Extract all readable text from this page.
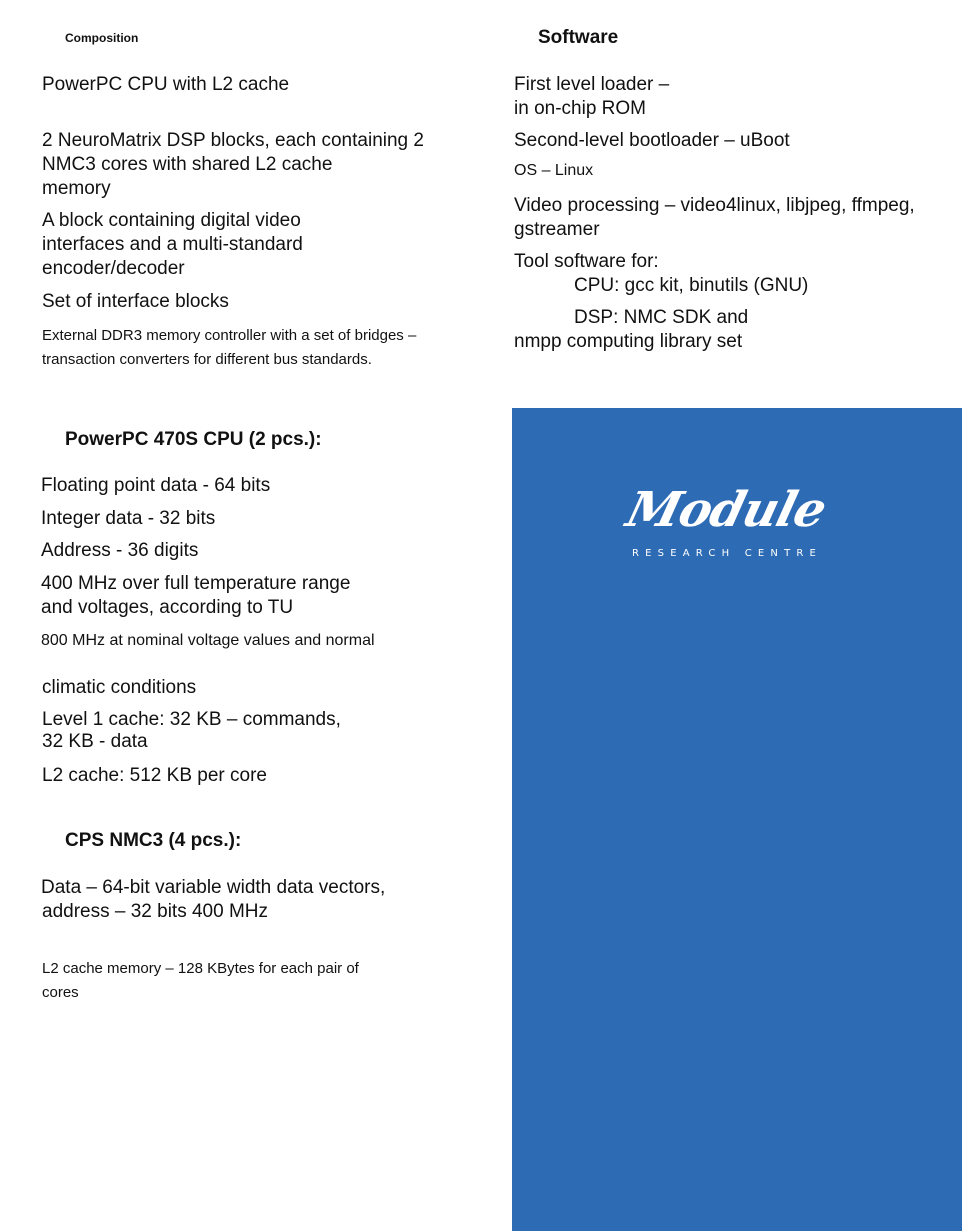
Composition
PowerPC CPU with L2 cache
2 NeuroMatrix DSP blocks, each containing 2
NMC3 cores with shared L2 cache
memory
A block containing digital video
interfaces and a multi-standard
encoder/decoder
Set of interface blocks
External DDR3 memory controller with a set of bridges –
transaction converters for different bus standards.
PowerPC 470S CPU (2 pcs.):
Floating point data - 64 bits
Integer data - 32 bits
Address - 36 digits
400 MHz over full temperature range
and voltages, according to TU
800 MHz at nominal voltage values and normal
climatic conditions
Level 1 cache: 32 KB – commands,
32 KB - data
L2 cache: 512 KB per core
CPS NMC3 (4 pcs.):
Data – 64-bit variable width data vectors,
address – 32 bits 400 MHz
L2 cache memory – 128 KBytes for each pair of
cores
Software
First level loader –
in on-chip ROM
Second-level bootloader – uBoot
OS – Linux
Video processing – video4linux, libjpeg, ffmpeg,
gstreamer
Tool software for:
CPU: gcc kit, binutils (GNU)
DSP: NMC SDK and
nmpp computing library set
Module
RESEARCH CENTRE
